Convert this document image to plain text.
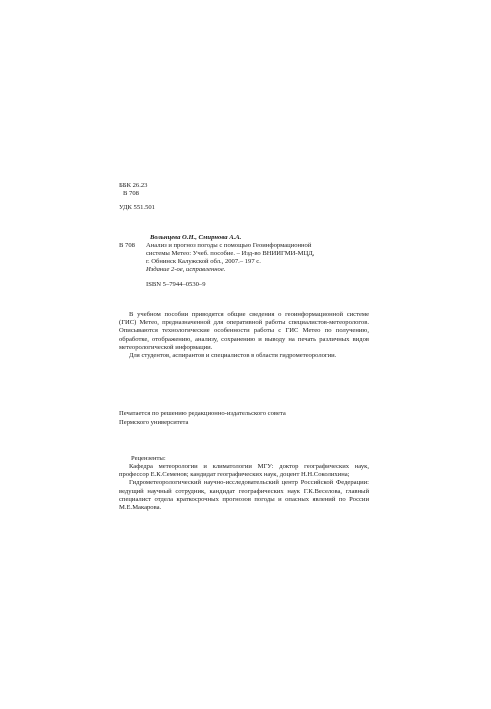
ББК 26.23
В 708
УДК 551.501
Вольнцева О.Н., Смирнова А.А.
В 708 Анализ и прогноз погоды с помощью Геоинформационной
системы Метео: Учеб. пособие. – Изд-во ВНИИГМИ-МЦД,
г. Обнинск Калужской обл., 2007.– 197 с.
Издание 2-ое, исправленное.
ISBN 5–7944–0530–9

В учебном пособии приводятся общие сведения о геоинформационной системе (ГИС) Метео, предназначенной для оперативной работы специалистов-метеорологов. Описываются технологические особенности работы с ГИС Метео по получению, обработке, отображению, анализу, сохранению и выводу на печать различных видов метеорологической информации.

Для студентов, аспирантов и специалистов в области гидрометеорологии.

Печатается по решению редакционно-издательского совета
Пермского университета
Рецензенты:

Кафедра метеорологии и климатологии МГУ: доктор географических наук, профессор Е.К.Семенов; кандидат географических наук, доцент Н.Н.Соколихина;

Гидрометеорологический научно-исследовательский центр Российской Федерации: ведущий научный сотрудник, кандидат географических наук Г.К.Веселова, главный специалист отдела краткосрочных прогнозов погоды и опасных явлений по России М.Е.Макарова.
